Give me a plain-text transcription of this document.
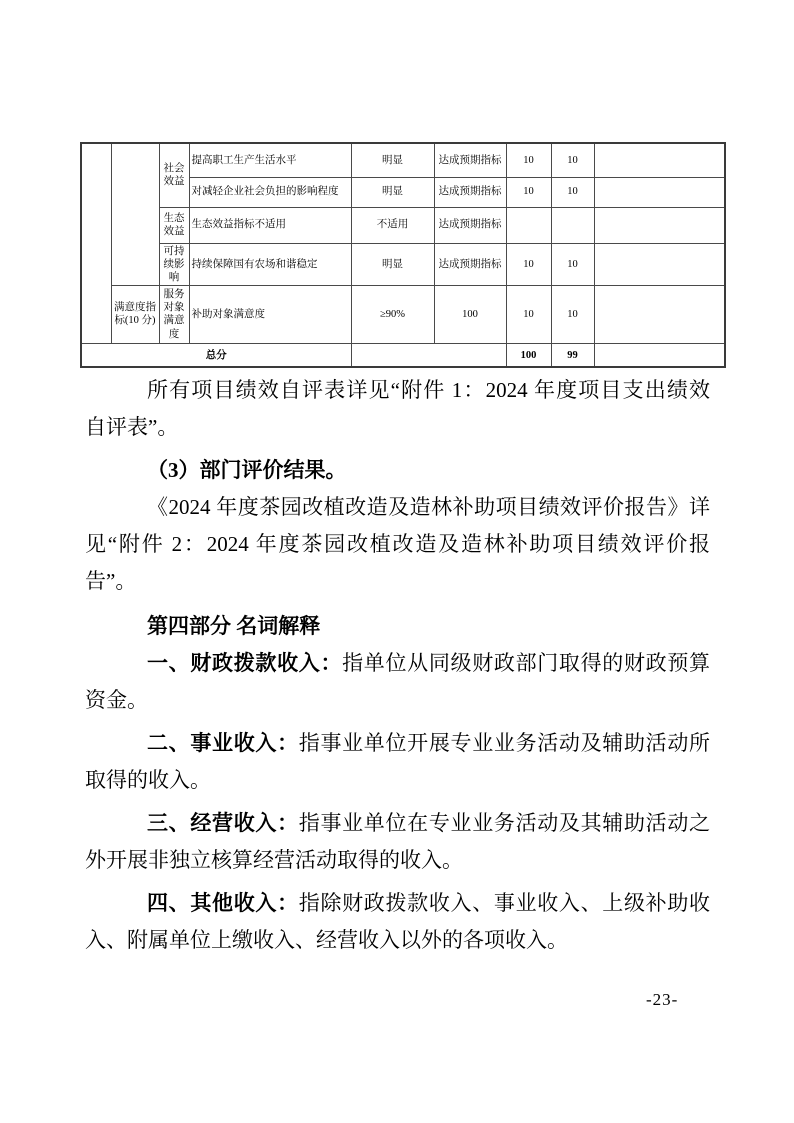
		社会效益	提高职工生产生活水平	明显	达成预期指标	10	10	
			对减轻企业社会负担的影响程度	明显	达成预期指标	10	10	
		生态效益	生态效益指标不适用	不适用	达成预期指标			
		可持续影响	持续保障国有农场和谐稳定	明显	达成预期指标	10	10	
	满意度指标(10 分)	服务对象满意度	补助对象满意度	≥90%	100	10	10	
总分						100	99	
所有项目绩效自评表详见“附件 1：2024 年度项目支出绩效
自评表”。
（3）部门评价结果。
《2024 年度茶园改植改造及造林补助项目绩效评价报告》详
见“附件 2：2024 年度茶园改植改造及造林补助项目绩效评价报
告”。
第四部分 名词解释
一、财政拨款收入：指单位从同级财政部门取得的财政预算
资金。
二、事业收入：指事业单位开展专业业务活动及辅助活动所
取得的收入。
三、经营收入：指事业单位在专业业务活动及其辅助活动之
外开展非独立核算经营活动取得的收入。
四、其他收入：指除财政拨款收入、事业收入、上级补助收
入、附属单位上缴收入、经营收入以外的各项收入。
-23-
